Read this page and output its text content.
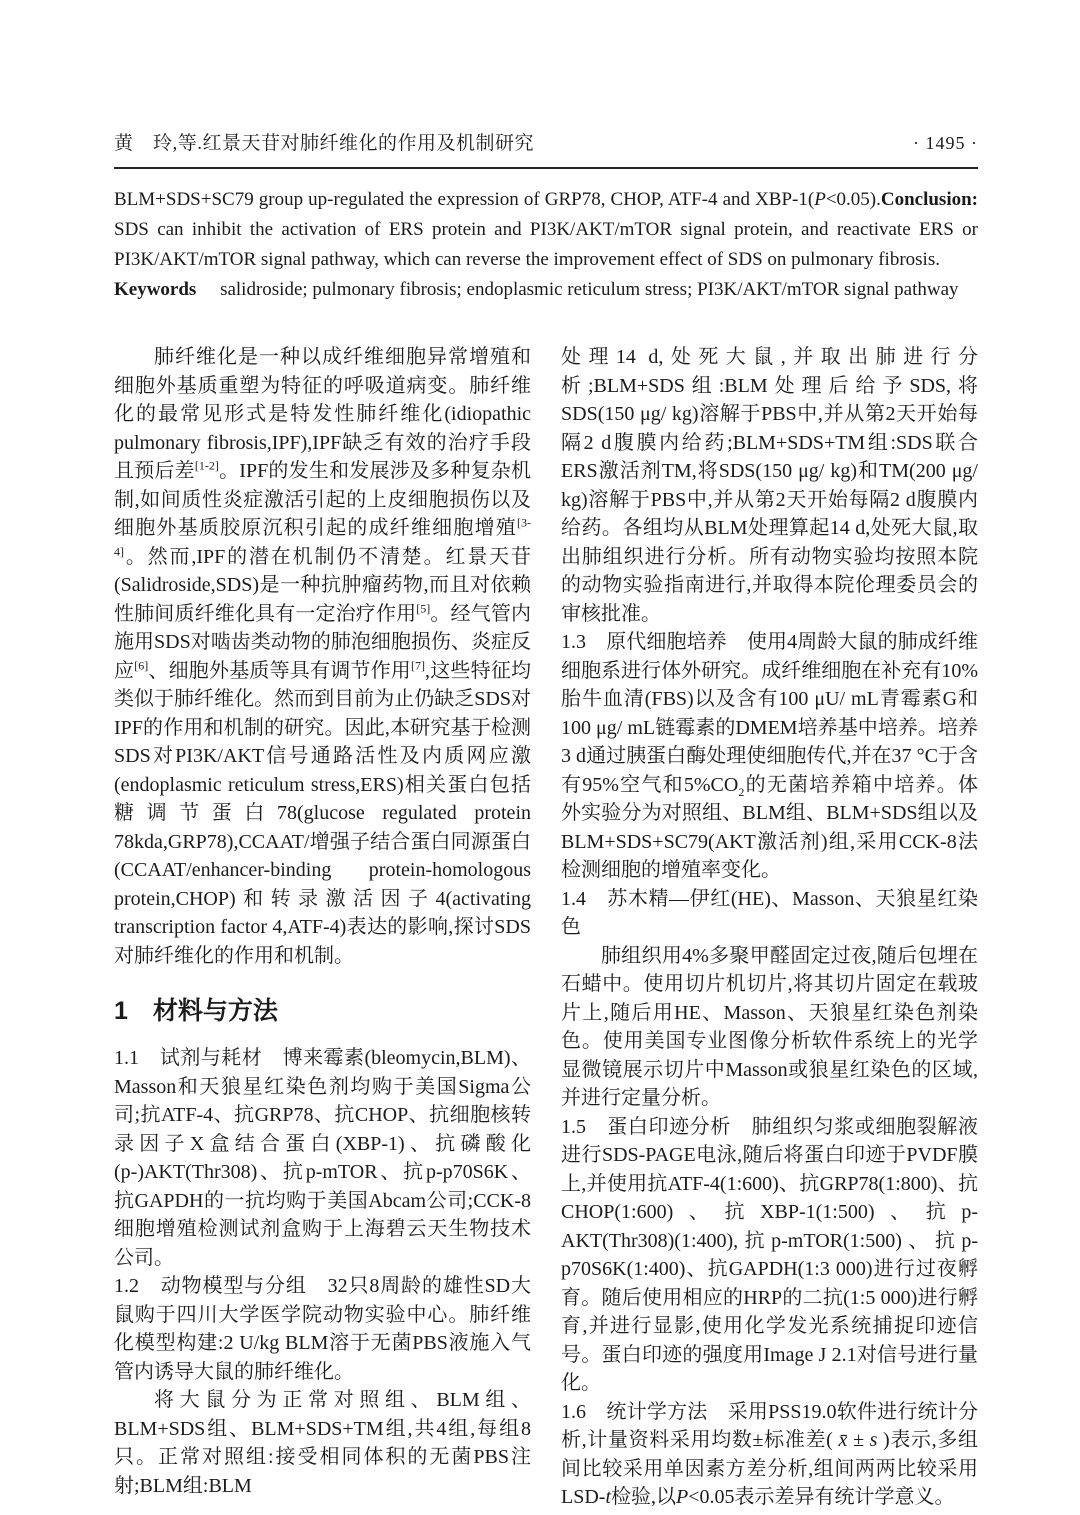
黄　玲,等.红景天苷对肺纤维化的作用及机制研究	· 1495 ·

BLM+SDS+SC79 group up-regulated the expression of GRP78, CHOP, ATF-4 and XBP-1(P<0.05).Conclusion: SDS can inhibit the activation of ERS protein and PI3K/AKT/mTOR signal protein, and reactivate ERS or PI3K/AKT/mTOR signal pathway, which can reverse the improvement effect of SDS on pulmonary fibrosis.

Keywords　 salidroside; pulmonary fibrosis; endoplasmic reticulum stress; PI3K/AKT/mTOR signal pathway

肺纤维化是一种以成纤维细胞异常增殖和细胞外基质重塑为特征的呼吸道病变。肺纤维化的最常见形式是特发性肺纤维化(idiopathic pulmonary fibrosis,IPF),IPF缺乏有效的治疗手段且预后差[1-2]。IPF的发生和发展涉及多种复杂机制,如间质性炎症激活引起的上皮细胞损伤以及细胞外基质胶原沉积引起的成纤维细胞增殖[3-4]。然而,IPF的潜在机制仍不清楚。红景天苷(Salidroside,SDS)是一种抗肿瘤药物,而且对依赖性肺间质纤维化具有一定治疗作用[5]。经气管内施用SDS对啮齿类动物的肺泡细胞损伤、炎症反应[6]、细胞外基质等具有调节作用[7],这些特征均类似于肺纤维化。然而到目前为止仍缺乏SDS对IPF的作用和机制的研究。因此,本研究基于检测SDS对PI3K/AKT信号通路活性及内质网应激(endoplasmic reticulum stress,ERS)相关蛋白包括糖调节蛋白78(glucose regulated protein 78kda,GRP78),CCAAT/增强子结合蛋白同源蛋白(CCAAT/enhancer-binding protein-homologous protein,CHOP)和转录激活因子4(activating transcription factor 4,ATF-4)表达的影响,探讨SDS对肺纤维化的作用和机制。

1　材料与方法

1.1　试剂与耗材　博来霉素(bleomycin,BLM)、Masson和天狼星红染色剂均购于美国Sigma公司;抗ATF-4、抗GRP78、抗CHOP、抗细胞核转录因子X盒结合蛋白(XBP-1)、抗磷酸化(p-)AKT(Thr308)、抗p-mTOR、抗p-p70S6K、抗GAPDH的一抗均购于美国Abcam公司;CCK-8细胞增殖检测试剂盒购于上海碧云天生物技术公司。

1.2　动物模型与分组　32只8周龄的雄性SD大鼠购于四川大学医学院动物实验中心。肺纤维化模型构建:2 U/kg BLM溶于无菌PBS液施入气管内诱导大鼠的肺纤维化。

将大鼠分为正常对照组、BLM组、BLM+SDS组、BLM+SDS+TM组,共4组,每组8只。正常对照组:接受相同体积的无菌PBS注射;BLM组:BLM

处理14 d,处死大鼠,并取出肺进行分析;BLM+SDS组:BLM处理后给予SDS,将SDS(150 μg/ kg)溶解于PBS中,并从第2天开始每隔2 d腹膜内给药;BLM+SDS+TM组:SDS联合ERS激活剂TM,将SDS(150 μg/ kg)和TM(200 μg/ kg)溶解于PBS中,并从第2天开始每隔2 d腹膜内给药。各组均从BLM处理算起14 d,处死大鼠,取出肺组织进行分析。所有动物实验均按照本院的动物实验指南进行,并取得本院伦理委员会的审核批准。

1.3　原代细胞培养　使用4周龄大鼠的肺成纤维细胞系进行体外研究。成纤维细胞在补充有10%胎牛血清(FBS)以及含有100 μU/ mL青霉素G和100 μg/ mL链霉素的DMEM培养基中培养。培养3 d通过胰蛋白酶处理使细胞传代,并在37 °C于含有95%空气和$5\%CO_2$的无菌培养箱中培养。体外实验分为对照组、BLM组、BLM+SDS组以及BLM+SDS+SC79(AKT激活剂)组,采用CCK-8法检测细胞的增殖率变化。

1.4　苏木精—伊红(HE)、Masson、天狼星红染色

肺组织用4%多聚甲醛固定过夜,随后包埋在石蜡中。使用切片机切片,将其切片固定在载玻片上,随后用HE、Masson、天狼星红染色剂染色。使用美国专业图像分析软件系统上的光学显微镜展示切片中Masson或狼星红染色的区域,并进行定量分析。

1.5　蛋白印迹分析　肺组织匀浆或细胞裂解液进行SDS-PAGE电泳,随后将蛋白印迹于PVDF膜上,并使用抗ATF-4(1:600)、抗GRP78(1:800)、抗CHOP(1:600)、抗XBP-1(1:500)、抗p-AKT(Thr308)(1:400),抗p-mTOR(1:500)、抗p-p70S6K(1:400)、抗GAPDH(1:3 000)进行过夜孵育。随后使用相应的HRP的二抗(1:5 000)进行孵育,并进行显影,使用化学发光系统捕捉印迹信号。蛋白印迹的强度用Image J 2.1对信号进行量化。

1.6　统计学方法　采用PSS19.0软件进行统计分析,计量资料采用均数±标准差( x̄ ± s )表示,多组间比较采用单因素方差分析,组间两两比较采用LSD-t检验,以P<0.05表示差异有统计学意义。
